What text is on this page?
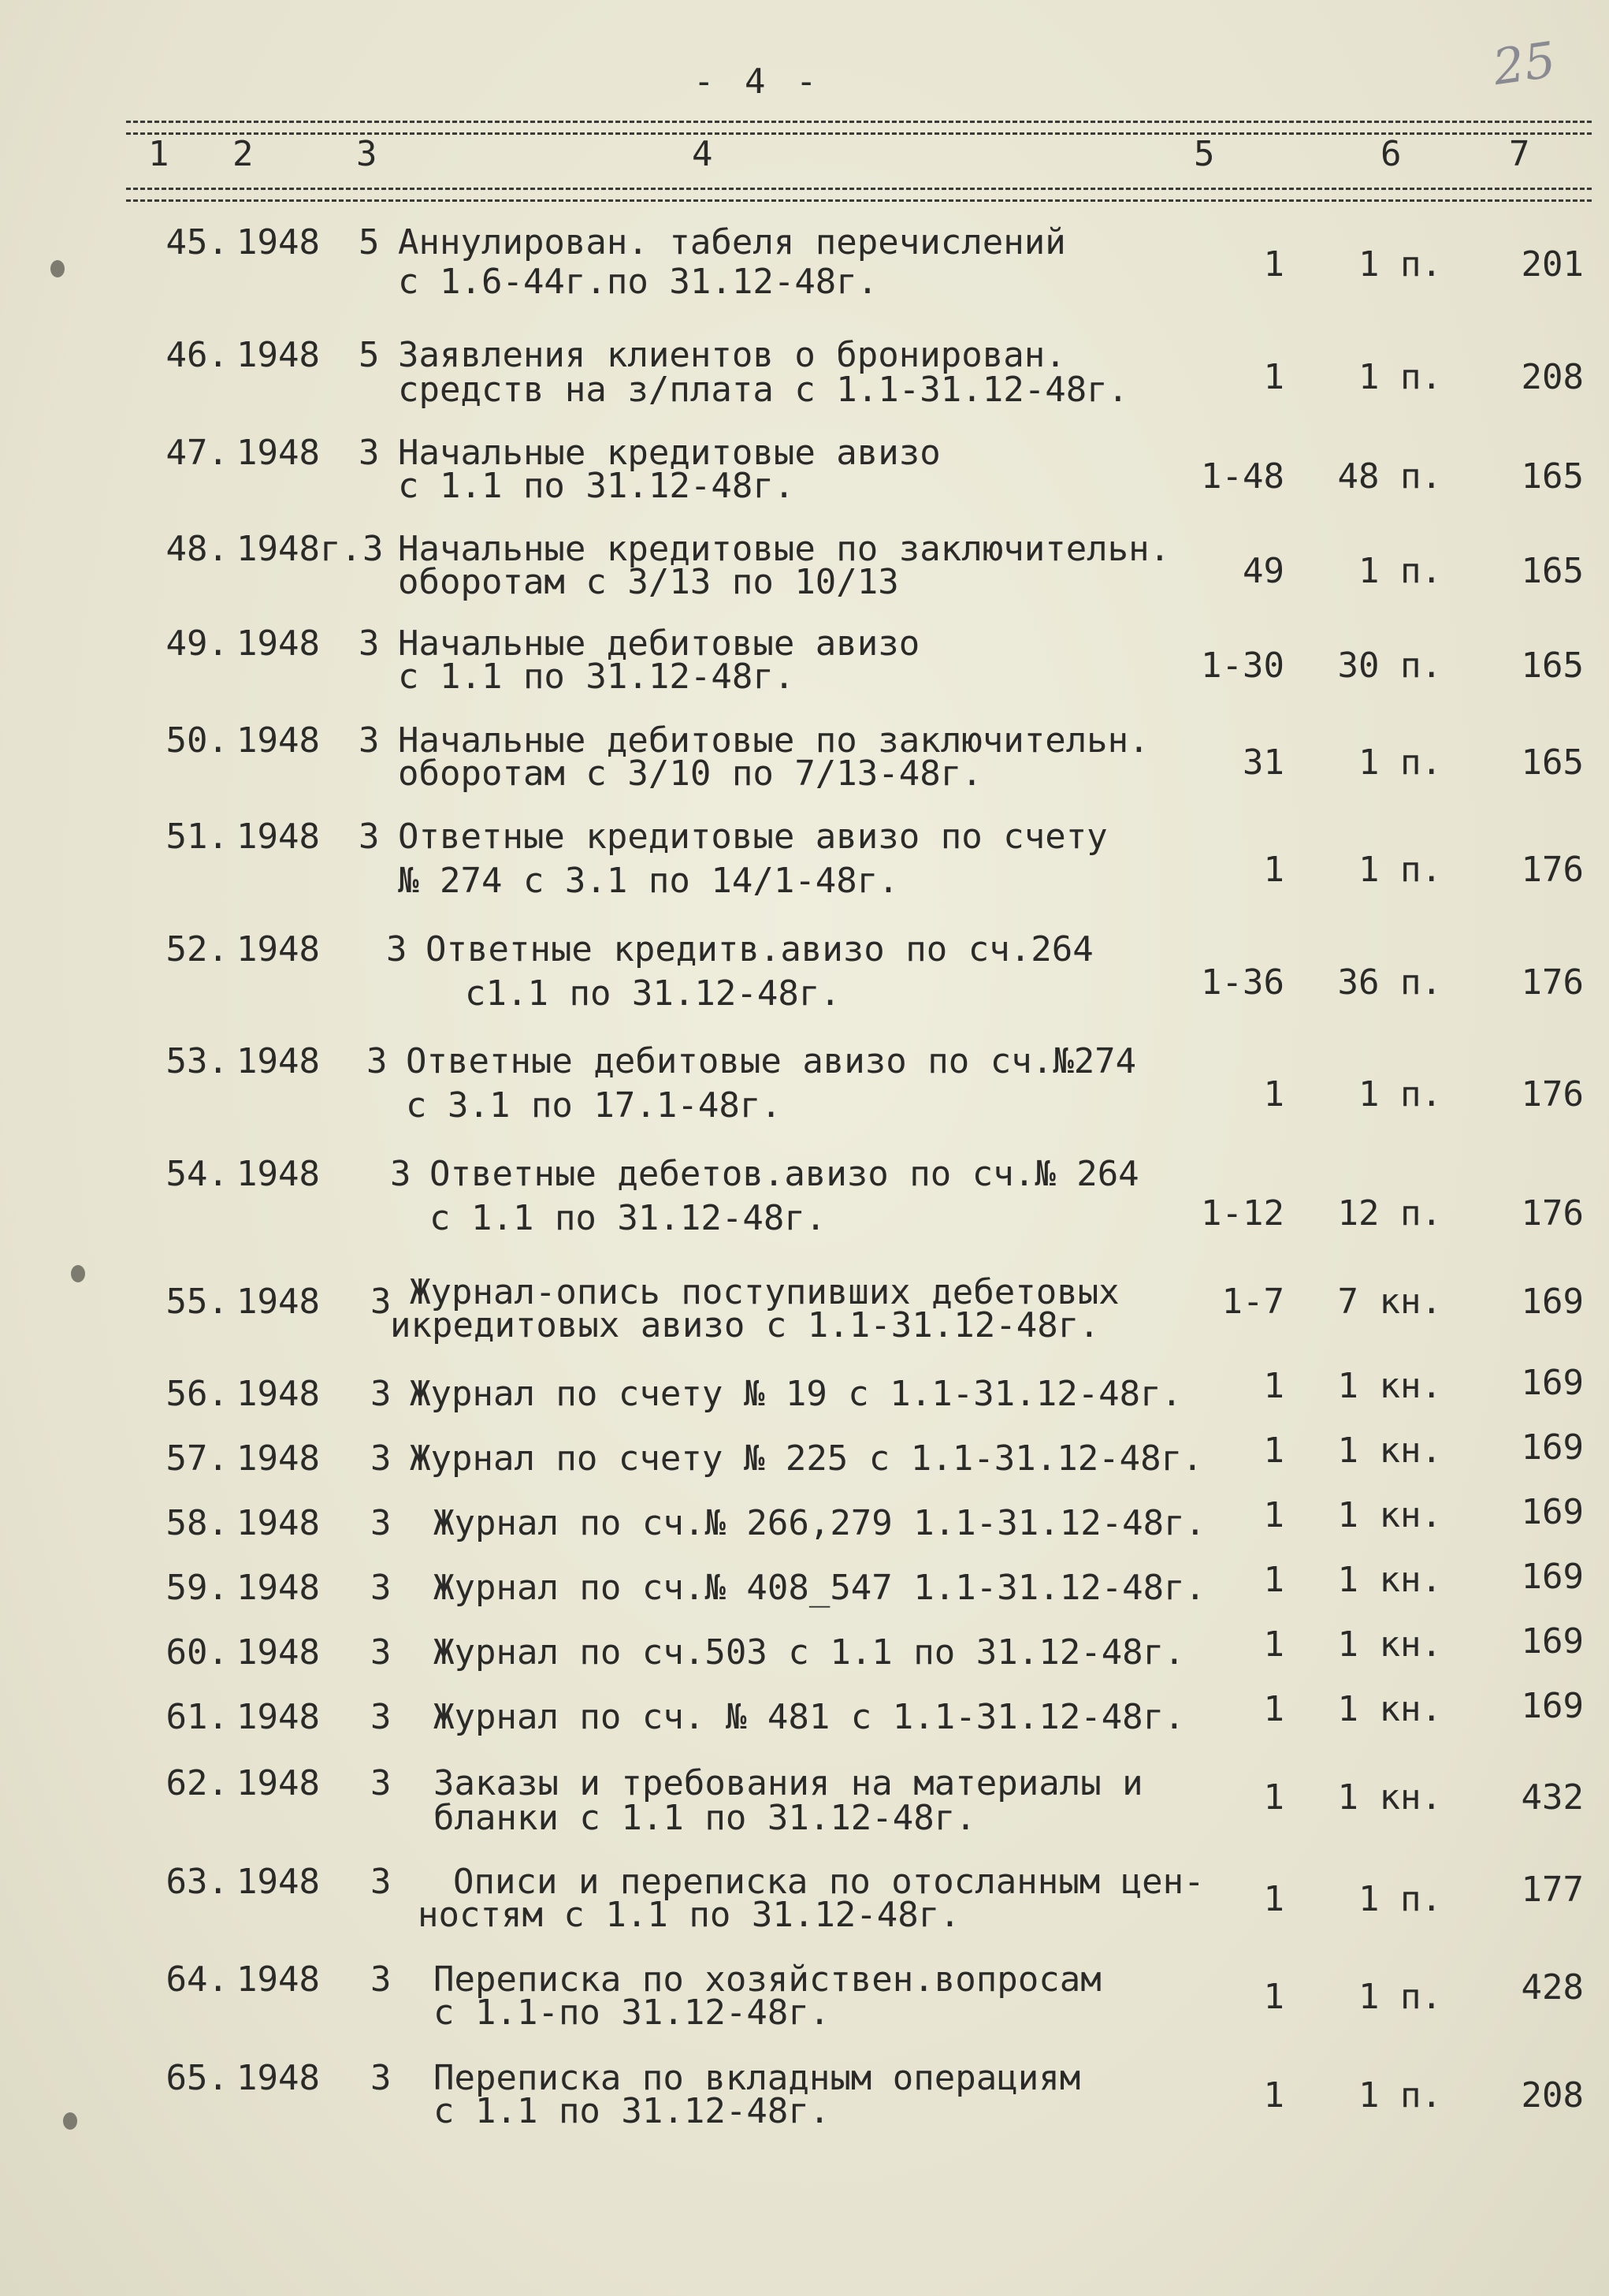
- 4 -	25
1 2	3	4	5	6	7
45. 1948 5 Аннулирован. табеля перечислений
с 1.6-44г.по 31.12-48г.	1	1 п.	201
46. 1948 5 Заявления клиентов о бронирован.
средств на з/плата с 1.1-31.12-48г.	1	1 п.	208
47. 1948 3 Начальные кредитовые авизо
с 1.1 по 31.12-48г.	1-48	48 п.	165
48. 1948г. 3 Начальные кредитовые по заключительн.
оборотам с 3/13 по 10/13	49	1 п.	165
49. 1948 3 Начальные дебитовые авизо
с 1.1 по 31.12-48г.	1-30	30 п.	165
50. 1948 3 Начальные дебитовые по заключительн.
оборотам с 3/10 по 7/13-48г.	31	1 п.	165
51. 1948 3 Ответные кредитовые авизо по счету
№ 274 с 3.1 по 14/1-48г.	1	1 п.	176
52. 1948 3 Ответные кредитв.авизо по сч.264
с1.1 по 31.12-48г.	1-36	36 п.	176
53. 1948 3 Ответные дебитовые авизо по сч.№274
с 3.1 по 17.1-48г.	1	1 п.	176
54. 1948 3 Ответные дебетов.авизо по сч.№ 264
с 1.1 по 31.12-48г.	1-12	12 п.	176
55. 1948 3 Журнал-опись поступивших дебетовых
икредитовых авизо с 1.1-31.12-48г.
1-7	7 кн.	169
56. 1948 3 Журнал по счету № 19 с 1.1-31.12-48г.	1	1 кн.	169
57. 1948 3 Журнал по счету № 225 с 1.1-31.12-48г.	1	1 кн.	169
58. 1948 3 Журнал по сч.№ 266,279 1.1-31.12-48г.	1	1 кн.	169
59. 1948 3 Журнал по сч.№ 408_547 1.1-31.12-48г.	1	1 кн.	169
60. 1948 3 Журнал по сч.503 с 1.1 по 31.12-48г.	1	1 кн.	169
61. 1948 3 Журнал по сч. № 481 с 1.1-31.12-48г.	1	1 кн.	169
62. 1948 3 Заказы и требования на материалы и
бланки с 1.1 по 31.12-48г.
1	1 кн.	432
63. 1948 3 Описи и переписка по отосланным цен-
ностям с 1.1 по 31.12-48г.	1	1 п.	177
64. 1948 3 Переписка по хозяйствен.вопросам
с 1.1-по 31.12-48г.	1	1 п.	428
65. 1948 3 Переписка по вкладным операциям
с 1.1 по 31.12-48г.	1	1 п.	208
